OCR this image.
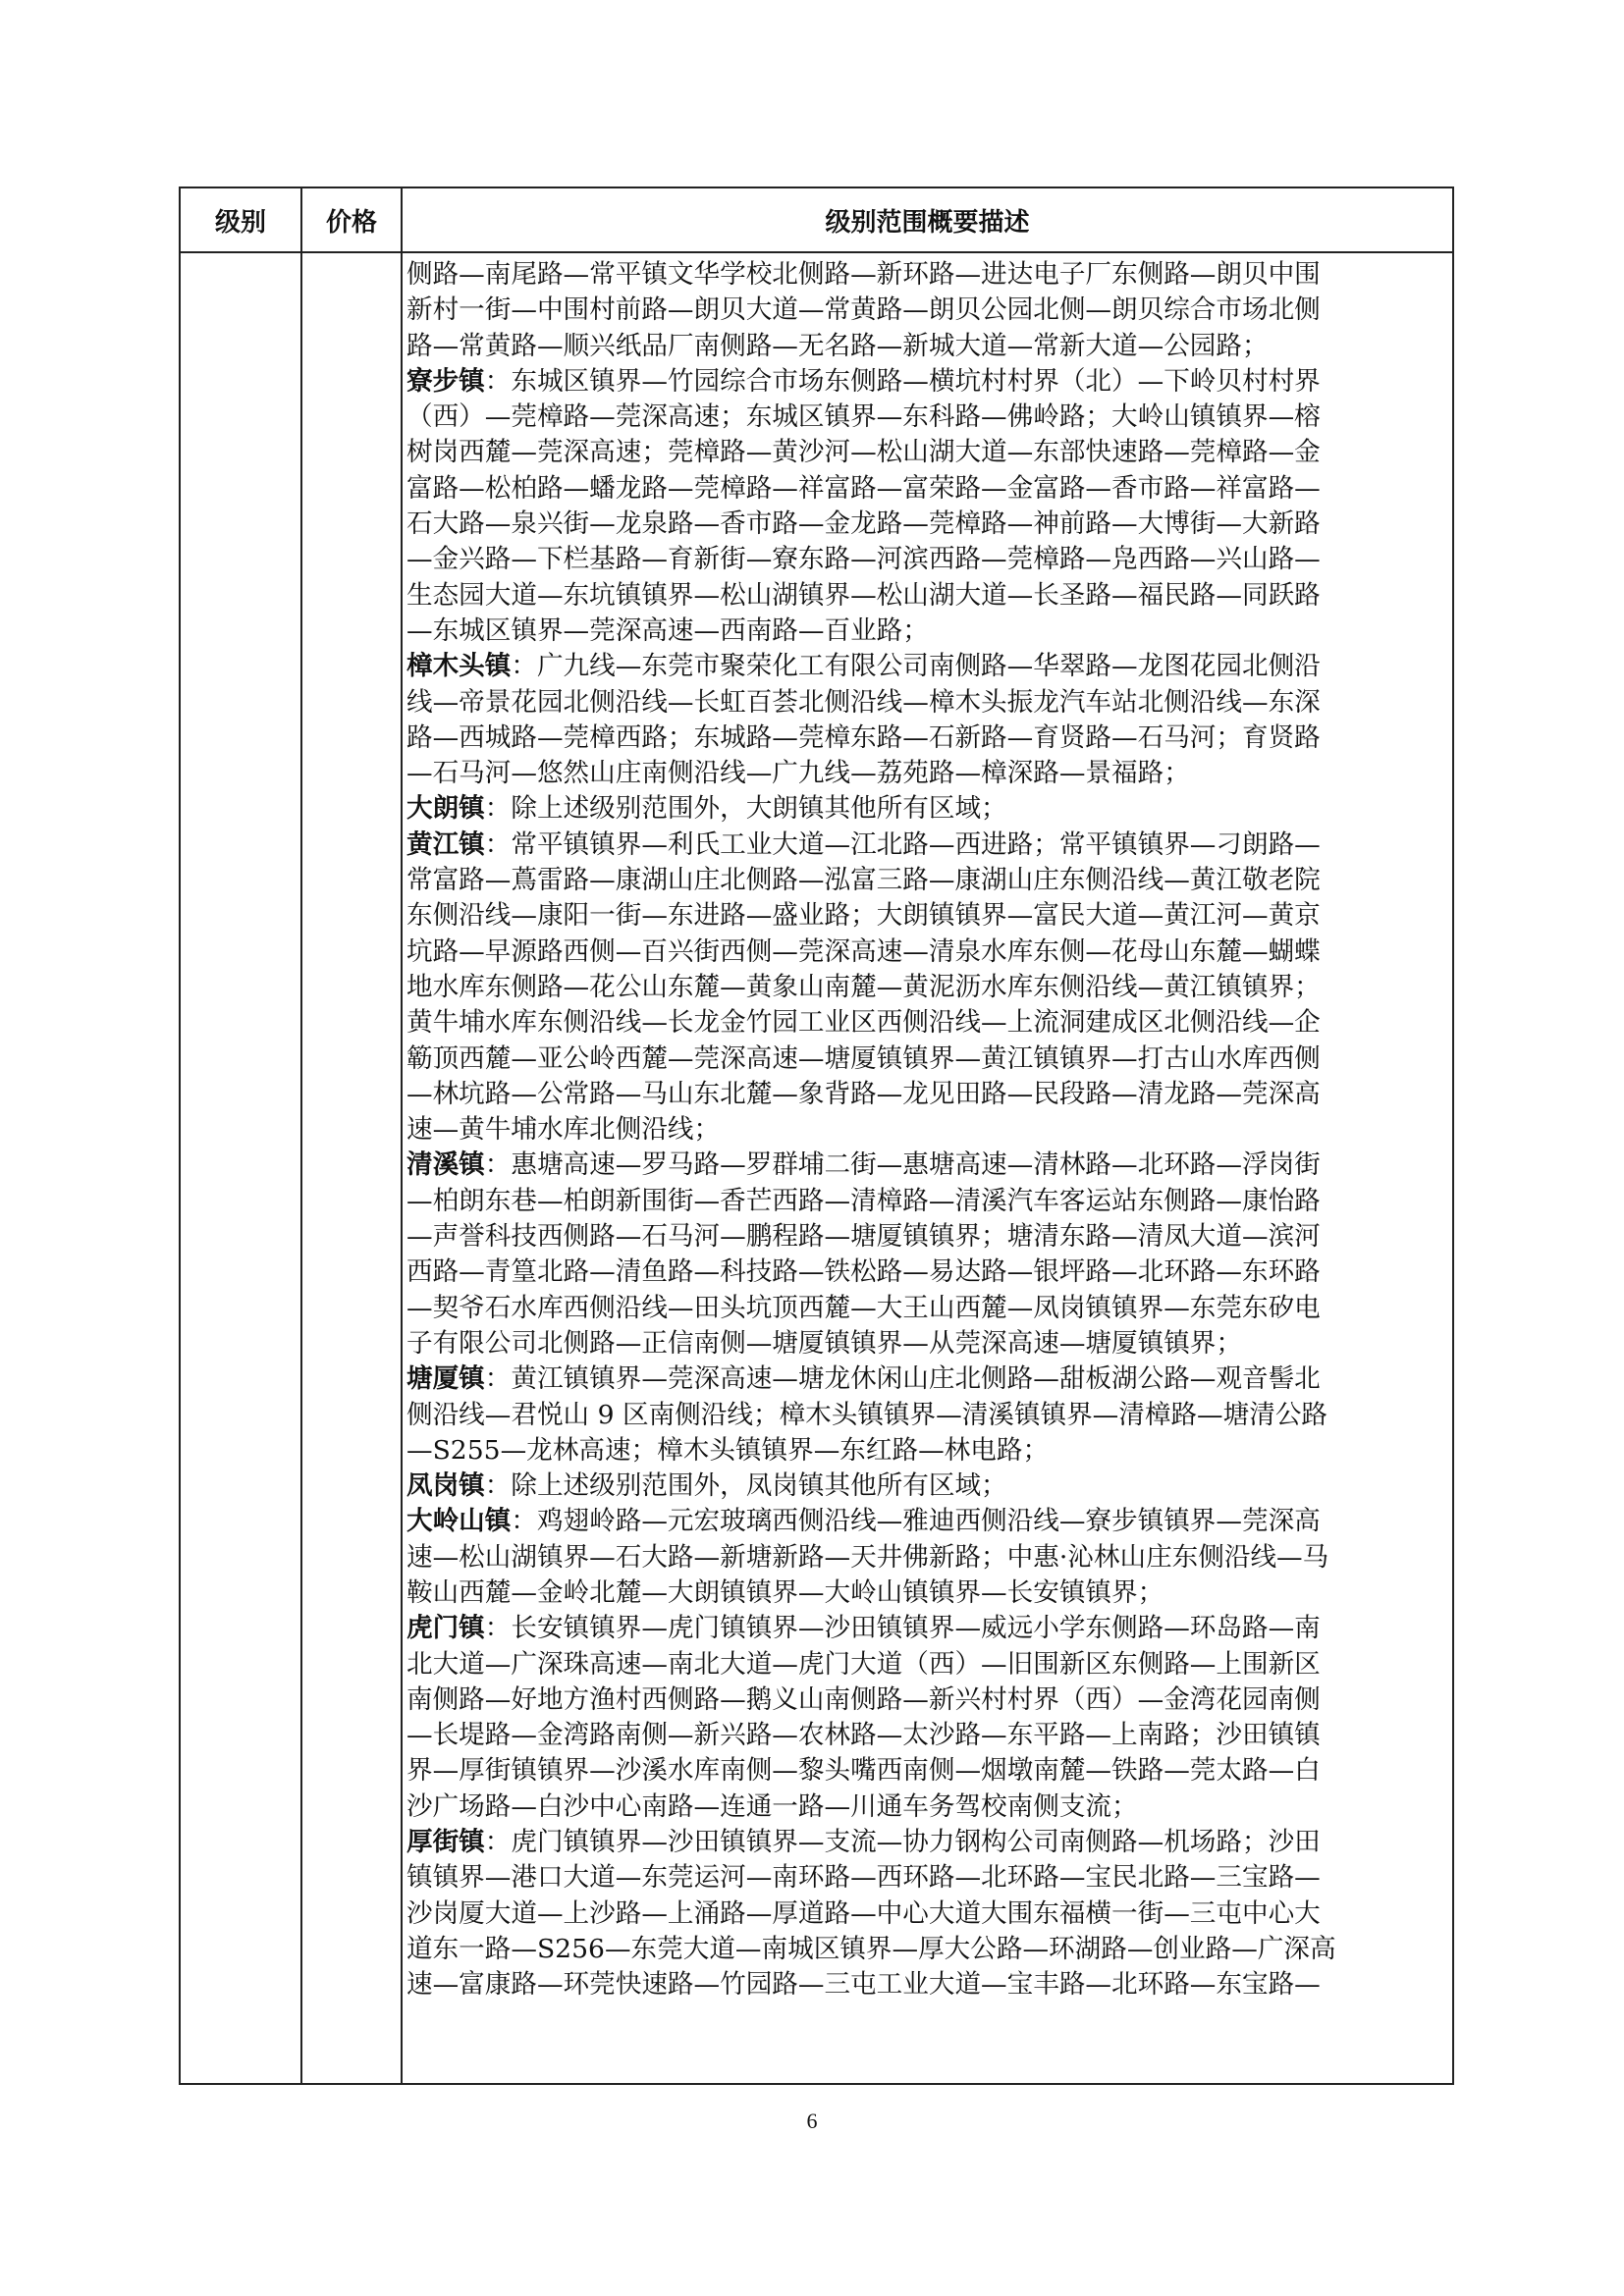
级别	价格	级别范围概要描述
侧路—南尾路—常平镇文华学校北侧路—新环路—进达电子厂东侧路—朗贝中围
新村一街—中围村前路—朗贝大道—常黄路—朗贝公园北侧—朗贝综合市场北侧
路—常黄路—顺兴纸品厂南侧路—无名路—新城大道—常新大道—公园路；
寮步镇：东城区镇界—竹园综合市场东侧路—横坑村村界（北）—下岭贝村村界
（西）—莞樟路—莞深高速；东城区镇界—东科路—佛岭路；大岭山镇镇界—榕
树岗西麓—莞深高速；莞樟路—黄沙河—松山湖大道—东部快速路—莞樟路—金
富路—松柏路—蟠龙路—莞樟路—祥富路—富荣路—金富路—香市路—祥富路—
石大路—泉兴街—龙泉路—香市路—金龙路—莞樟路—神前路—大博街—大新路
—金兴路—下栏基路—育新街—寮东路—河滨西路—莞樟路—凫西路—兴山路—
生态园大道—东坑镇镇界—松山湖镇界—松山湖大道—长圣路—福民路—同跃路
—东城区镇界—莞深高速—西南路—百业路；
樟木头镇：广九线—东莞市聚荣化工有限公司南侧路—华翠路—龙图花园北侧沿
线—帝景花园北侧沿线—长虹百荟北侧沿线—樟木头振龙汽车站北侧沿线—东深
路—西城路—莞樟西路；东城路—莞樟东路—石新路—育贤路—石马河；育贤路
—石马河—悠然山庄南侧沿线—广九线—荔苑路—樟深路—景福路；
大朗镇：除上述级别范围外，大朗镇其他所有区域；
黄江镇：常平镇镇界—利氏工业大道—江北路—西进路；常平镇镇界—刁朗路—
常富路—蔦雷路—康湖山庄北侧路—泓富三路—康湖山庄东侧沿线—黄江敬老院
东侧沿线—康阳一街—东进路—盛业路；大朗镇镇界—富民大道—黄江河—黄京
坑路—早源路西侧—百兴街西侧—莞深高速—清泉水库东侧—花母山东麓—蝴蝶
地水库东侧路—花公山东麓—黄象山南麓—黄泥沥水库东侧沿线—黄江镇镇界；
黄牛埔水库东侧沿线—长龙金竹园工业区西侧沿线—上流洞建成区北侧沿线—企
簕顶西麓—亚公岭西麓—莞深高速—塘厦镇镇界—黄江镇镇界—打古山水库西侧
—林坑路—公常路—马山东北麓—象背路—龙见田路—民段路—清龙路—莞深高
速—黄牛埔水库北侧沿线；
清溪镇：惠塘高速—罗马路—罗群埔二街—惠塘高速—清林路—北环路—浮岗街
—柏朗东巷—柏朗新围街—香芒西路—清樟路—清溪汽车客运站东侧路—康怡路
—声誉科技西侧路—石马河—鹏程路—塘厦镇镇界；塘清东路—清凤大道—滨河
西路—青篁北路—清鱼路—科技路—铁松路—易达路—银坪路—北环路—东环路
—契爷石水库西侧沿线—田头坑顶西麓—大王山西麓—凤岗镇镇界—东莞东矽电
子有限公司北侧路—正信南侧—塘厦镇镇界—从莞深高速—塘厦镇镇界；
塘厦镇：黄江镇镇界—莞深高速—塘龙休闲山庄北侧路—甜板湖公路—观音髻北
侧沿线—君悦山 9 区南侧沿线；樟木头镇镇界—清溪镇镇界—清樟路—塘清公路
—S255—龙林高速；樟木头镇镇界—东红路—林电路；
凤岗镇：除上述级别范围外，凤岗镇其他所有区域；
大岭山镇：鸡翅岭路—元宏玻璃西侧沿线—雅迪西侧沿线—寮步镇镇界—莞深高
速—松山湖镇界—石大路—新塘新路—天井佛新路；中惠·沁林山庄东侧沿线—马
鞍山西麓—金岭北麓—大朗镇镇界—大岭山镇镇界—长安镇镇界；
虎门镇：长安镇镇界—虎门镇镇界—沙田镇镇界—威远小学东侧路—环岛路—南
北大道—广深珠高速—南北大道—虎门大道（西）—旧围新区东侧路—上围新区
南侧路—好地方渔村西侧路—鹅义山南侧路—新兴村村界（西）—金湾花园南侧
—长堤路—金湾路南侧—新兴路—农林路—太沙路—东平路—上南路；沙田镇镇
界—厚街镇镇界—沙溪水库南侧—黎头嘴西南侧—烟墩南麓—铁路—莞太路—白
沙广场路—白沙中心南路—连通一路—川通车务驾校南侧支流；
厚街镇：虎门镇镇界—沙田镇镇界—支流—协力钢构公司南侧路—机场路；沙田
镇镇界—港口大道—东莞运河—南环路—西环路—北环路—宝民北路—三宝路—
沙岗厦大道—上沙路—上涌路—厚道路—中心大道大围东福横一街—三屯中心大
道东一路—S256—东莞大道—南城区镇界—厚大公路—环湖路—创业路—广深高
速—富康路—环莞快速路—竹园路—三屯工业大道—宝丰路—北环路—东宝路—
6
